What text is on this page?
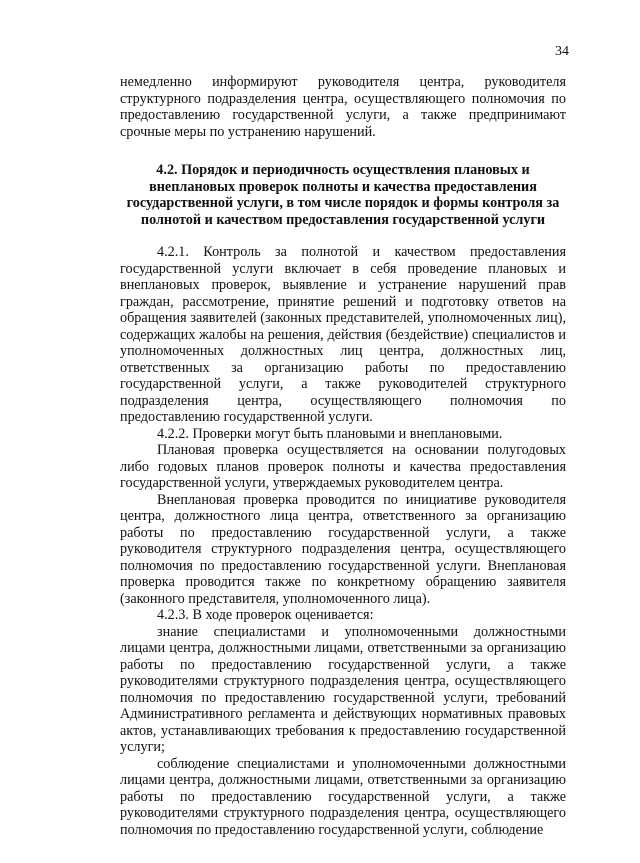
34

немедленно информируют руководителя центра, руководителя структурного подразделения центра, осуществляющего полномочия по предоставлению государственной услуги, а также предпринимают срочные меры по устранению нарушений.

4.2. Порядок и периодичность осуществления плановых и внеплановых проверок полноты и качества предоставления государственной услуги, в том числе порядок и формы контроля за полнотой и качеством предоставления государственной услуги

4.2.1. Контроль за полнотой и качеством предоставления государственной услуги включает в себя проведение плановых и внеплановых проверок, выявление и устранение нарушений прав граждан, рассмотрение, принятие решений и подготовку ответов на обращения заявителей (законных представителей, уполномоченных лиц), содержащих жалобы на решения, действия (бездействие) специалистов и уполномоченных должностных лиц центра, должностных лиц, ответственных за организацию работы по предоставлению государственной услуги, а также руководителей структурного подразделения центра, осуществляющего полномочия по предоставлению государственной услуги.

4.2.2. Проверки могут быть плановыми и внеплановыми.

Плановая проверка осуществляется на основании полугодовых либо годовых планов проверок полноты и качества предоставления государственной услуги, утверждаемых руководителем центра.

Внеплановая проверка проводится по инициативе руководителя центра, должностного лица центра, ответственного за организацию работы по предоставлению государственной услуги, а также руководителя структурного подразделения центра, осуществляющего полномочия по предоставлению государственной услуги. Внеплановая проверка проводится также по конкретному обращению заявителя (законного представителя, уполномоченного лица).

4.2.3. В ходе проверок оценивается:

знание специалистами и уполномоченными должностными лицами центра, должностными лицами, ответственными за организацию работы по предоставлению государственной услуги, а также руководителями структурного подразделения центра, осуществляющего полномочия по предоставлению государственной услуги, требований Административного регламента и действующих нормативных правовых актов, устанавливающих требования к предоставлению государственной услуги;

соблюдение специалистами и уполномоченными должностными лицами центра, должностными лицами, ответственными за организацию работы по предоставлению государственной услуги, а также руководителями структурного подразделения центра, осуществляющего полномочия по предоставлению государственной услуги, соблюдение
